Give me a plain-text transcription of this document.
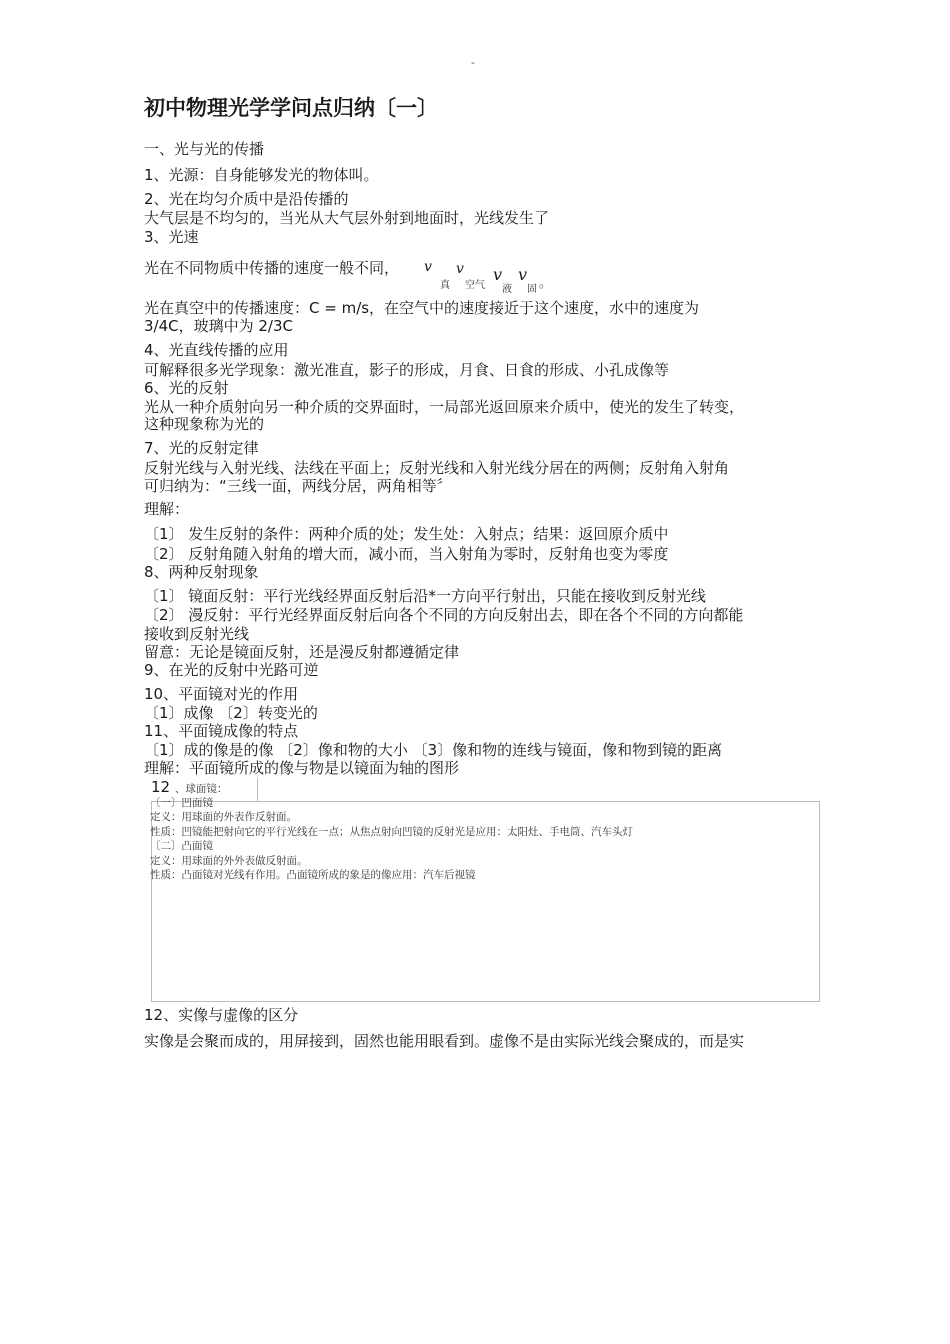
-
初中物理光学学问点归纳〔一〕
一、光与光的传播
1、光源：自身能够发光的物体叫。
2、光在均匀介质中是沿传播的
大气层是不均匀的，当光从大气层外射到地面时，光线发生了
3、光速
光在不同物质中传播的速度一般不同， v
真
v
空气
v
液
v
固 。
光在真空中的传播速度：C = m/s，在空气中的速度接近于这个速度，水中的速度为
3/4C，玻璃中为 2/3C
4、光直线传播的应用
可解释很多光学现象：激光准直，影子的形成，月食、日食的形成、小孔成像等
6、光的反射
光从一种介质射向另一种介质的交界面时，一局部光返回原来介质中，使光的发生了转变，
这种现象称为光的
7、光的反射定律
反射光线与入射光线、法线在平面上；反射光线和入射光线分居在的两侧；反射角入射角
可归纳为：“三线一面，两线分居，两角相等〞
理解：
〔1〕 发生反射的条件：两种介质的处；发生处：入射点；结果：返回原介质中
〔2〕 反射角随入射角的增大而，减小而，当入射角为零时，反射角也变为零度
8、两种反射现象
〔1〕 镜面反射：平行光线经界面反射后沿*一方向平行射出，只能在接收到反射光线
〔2〕 漫反射：平行光经界面反射后向各个不同的方向反射出去，即在各个不同的方向都能
接收到反射光线
留意：无论是镜面反射，还是漫反射都遵循定律
9、在光的反射中光路可逆
10、平面镜对光的作用
〔1〕成像 〔2〕转变光的
11、平面镜成像的特点
〔1〕成的像是的像 〔2〕像和物的大小 〔3〕像和物的连线与镜面，像和物到镜的距离
理解：平面镜所成的像与物是以镜面为轴的图形
12 、球面镜：
〔一〕凹面镜
定义：用球面的外表作反射面。
性质：凹镜能把射向它的平行光线在一点；从焦点射向凹镜的反射光是应用：太阳灶、手电筒、汽车头灯
〔二〕凸面镜
定义：用球面的外外表做反射面。
性质：凸面镜对光线有作用。凸面镜所成的象是的像应用：汽车后视镜
12、实像与虚像的区分
实像是会聚而成的，用屏接到，固然也能用眼看到。虚像不是由实际光线会聚成的，而是实
